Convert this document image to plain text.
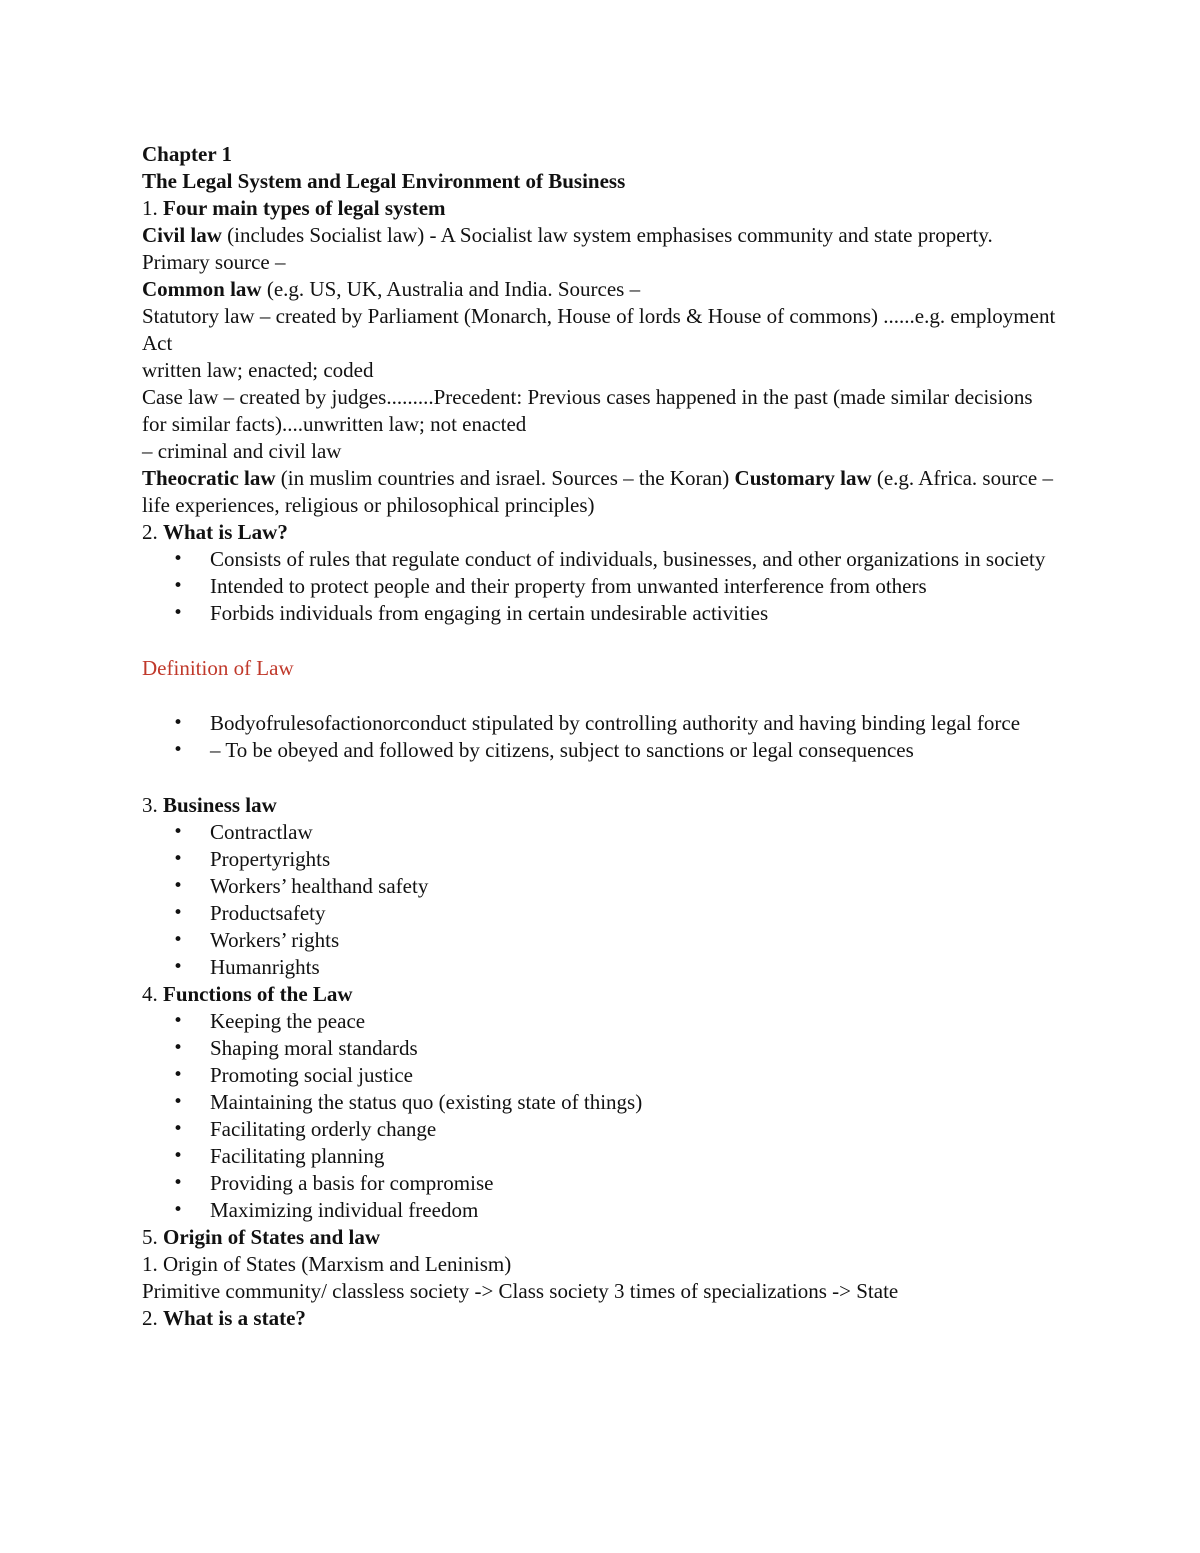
Chapter 1

The Legal System and Legal Environment of Business

1. Four main types of legal system

Civil law (includes Socialist law) - A Socialist law system emphasises community and state property. Primary source –

Common law (e.g. US, UK, Australia and India. Sources –

Statutory law – created by Parliament (Monarch, House of lords & House of commons) ......e.g. employment Act

written law; enacted; coded

Case law – created by judges.........Precedent: Previous cases happened in the past (made similar decisions for similar facts)....unwritten law; not enacted

– criminal and civil law

Theocratic law (in muslim countries and israel. Sources – the Koran) Customary law (e.g. Africa. source – life experiences, religious or philosophical principles)

2. What is Law?

• Consists of rules that regulate conduct of individuals, businesses, and other organizations in society
• Intended to protect people and their property from unwanted interference from others
• Forbids individuals from engaging in certain undesirable activities

Definition of Law

• Bodyofrulesofactionorconduct stipulated by controlling authority and having binding legal force
• – To be obeyed and followed by citizens, subject to sanctions or legal consequences

3. Business law

• Contractlaw
• Propertyrights
• Workers’ healthand safety
• Productsafety
• Workers’ rights
• Humanrights

4. Functions of the Law

• Keeping the peace
• Shaping moral standards
• Promoting social justice
• Maintaining the status quo (existing state of things)
• Facilitating orderly change
• Facilitating planning
• Providing a basis for compromise
• Maximizing individual freedom

5. Origin of States and law

1. Origin of States (Marxism and Leninism)

Primitive community/ classless society -> Class society 3 times of specializations -> State

2. What is a state?
